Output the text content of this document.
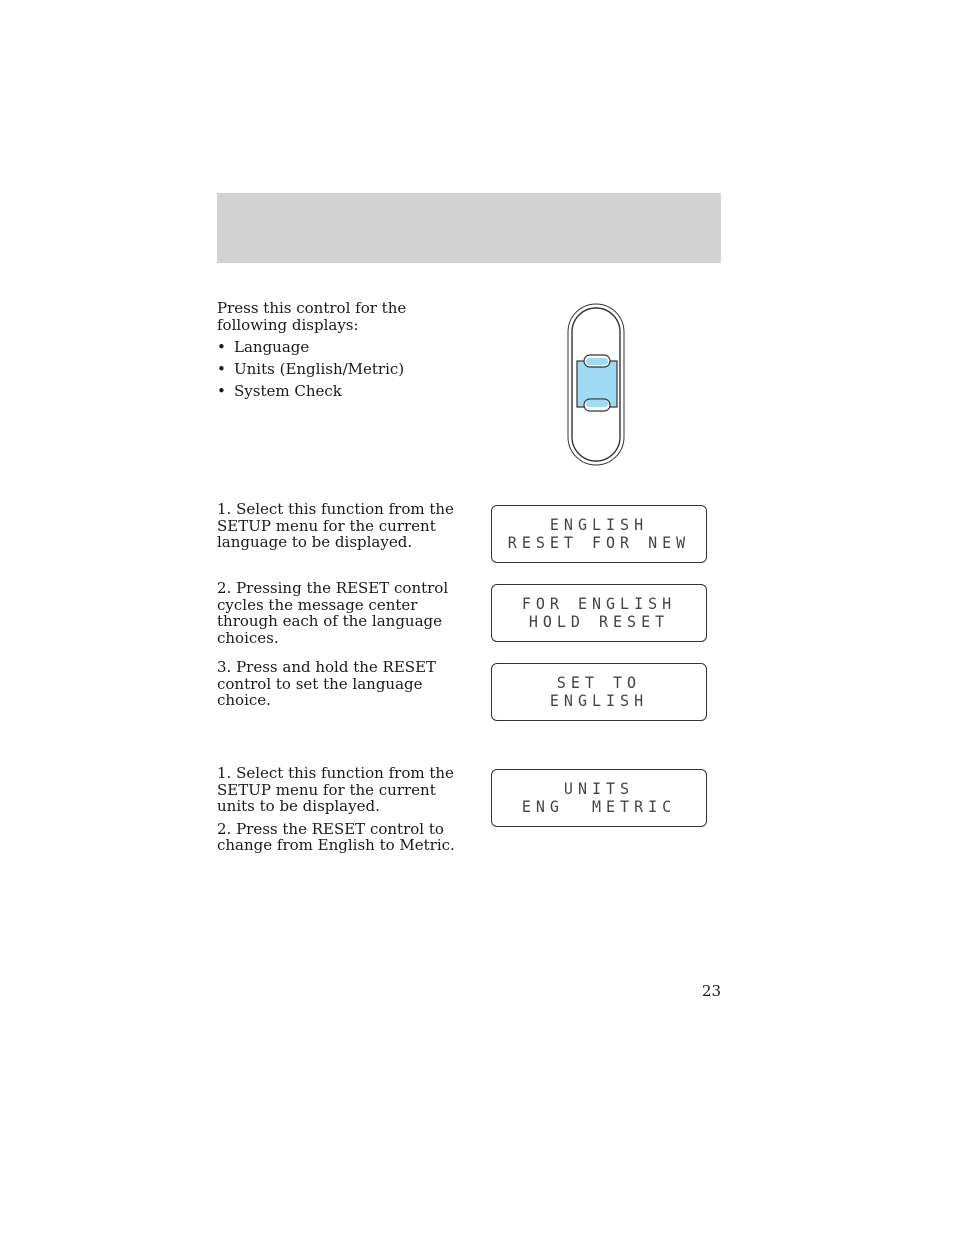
Press this control for the following displays:

• Language
• Units (English/Metric)
• System Check

1. Select this function from the SETUP menu for the current language to be displayed.

2. Pressing the RESET control cycles the message center through each of the language choices.

3. Press and hold the RESET control to set the language choice.

1. Select this function from the SETUP menu for the current units to be displayed.

2. Press the RESET control to change from English to Metric.

ENGLISH
RESET FOR NEW
FOR ENGLISH
HOLD RESET
SET TO
ENGLISH
UNITS
ENG  METRIC
23
